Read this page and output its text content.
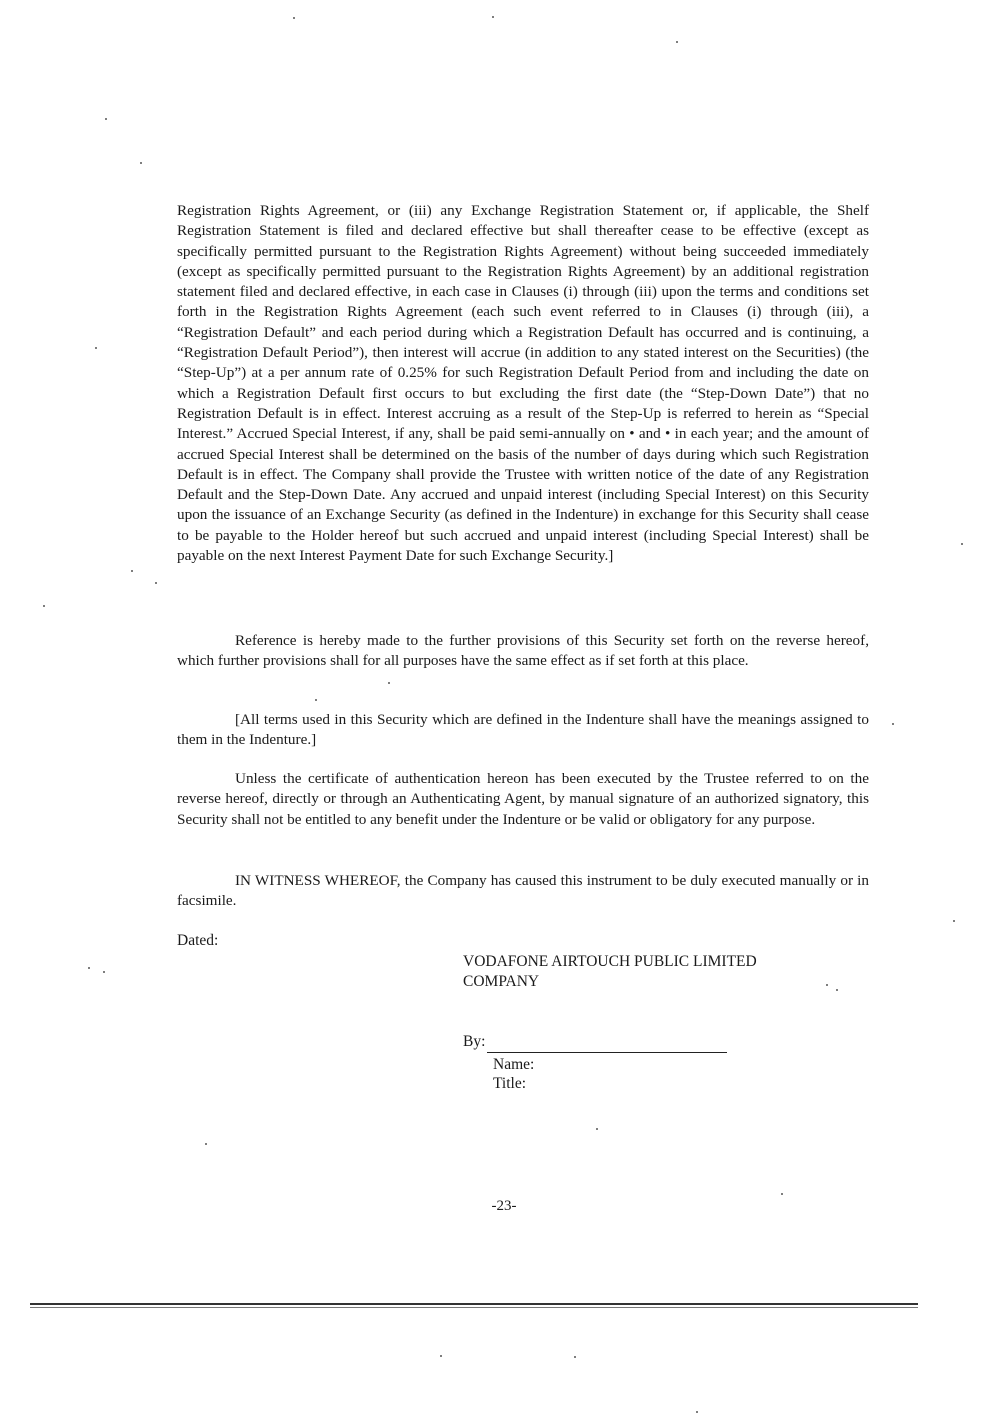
Registration Rights Agreement, or (iii) any Exchange Registration Statement or, if applicable, the Shelf Registration Statement is filed and declared effective but shall thereafter cease to be effective (except as specifically permitted pursuant to the Registration Rights Agreement) without being succeeded immediately (except as specifically permitted pursuant to the Registration Rights Agreement) by an additional registration statement filed and declared effective, in each case in Clauses (i) through (iii) upon the terms and conditions set forth in the Registration Rights Agreement (each such event referred to in Clauses (i) through (iii), a “Registration Default” and each period during which a Registration Default has occurred and is continuing, a “Registration Default Period”), then interest will accrue (in addition to any stated interest on the Securities) (the “Step-Up”) at a per annum rate of 0.25% for such Registration Default Period from and including the date on which a Registration Default first occurs to but excluding the first date (the “Step-Down Date”) that no Registration Default is in effect. Interest accruing as a result of the Step-Up is referred to herein as “Special Interest.” Accrued Special Interest, if any, shall be paid semi-annually on • and • in each year; and the amount of accrued Special Interest shall be determined on the basis of the number of days during which such Registration Default is in effect. The Company shall provide the Trustee with written notice of the date of any Registration Default and the Step-Down Date. Any accrued and unpaid interest (including Special Interest) on this Security upon the issuance of an Exchange Security (as defined in the Indenture) in exchange for this Security shall cease to be payable to the Holder hereof but such accrued and unpaid interest (including Special Interest) shall be payable on the next Interest Payment Date for such Exchange Security.]

Reference is hereby made to the further provisions of this Security set forth on the reverse hereof, which further provisions shall for all purposes have the same effect as if set forth at this place.

[All terms used in this Security which are defined in the Indenture shall have the meanings assigned to them in the Indenture.]

Unless the certificate of authentication hereon has been executed by the Trustee referred to on the reverse hereof, directly or through an Authenticating Agent, by manual signature of an authorized signatory, this Security shall not be entitled to any benefit under the Indenture or be valid or obligatory for any purpose.

IN WITNESS WHEREOF, the Company has caused this instrument to be duly executed manually or in facsimile.

Dated:
VODAFONE AIRTOUCH PUBLIC LIMITED
COMPANY
By:
Name:
Title:
-23-
